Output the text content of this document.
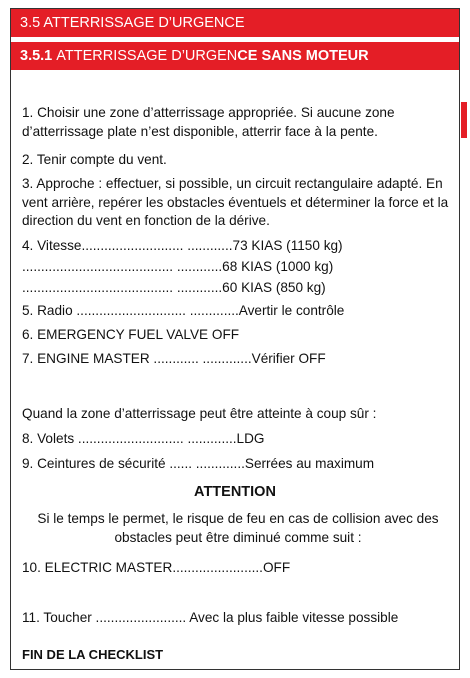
3.5 ATTERRISSAGE D’URGENCE
3.5.1
ATTERRISSAGE D’URGEN CE SANS MOTEUR
1. Choisir une zone d’atterrissage appropriée. Si aucune zone d’atterrissage plate n’est disponible, atterrir face à la pente.
2. Tenir compte du vent.
3. Approche : effectuer, si possible, un circuit rectangulaire adapté. En vent arrière, repérer les obstacles éventuels et déterminer la force et la direction du vent en fonction de la dérive.
4. Vitesse........................... ............73 KIAS (1150 kg)
........................................ ............68 KIAS (1000 kg)
........................................ ............60 KIAS (850 kg)
5. Radio ............................. .............Avertir le contrôle
6. EMERGENCY FUEL VALVE OFF
7. ENGINE MASTER ............ .............Vérifier OFF
Quand la zone d’atterrissage peut être atteinte à coup sûr :
8. Volets ............................ .............LDG
9. Ceintures de sécurité ...... .............Serrées au maximum
ATTENTION
Si le temps le permet, le risque de feu en cas de collision avec des obstacles peut être diminué comme suit :
10. ELECTRIC MASTER........................OFF
11. Toucher ........................ Avec la plus faible vitesse possible
FIN DE LA CHECKLIST
